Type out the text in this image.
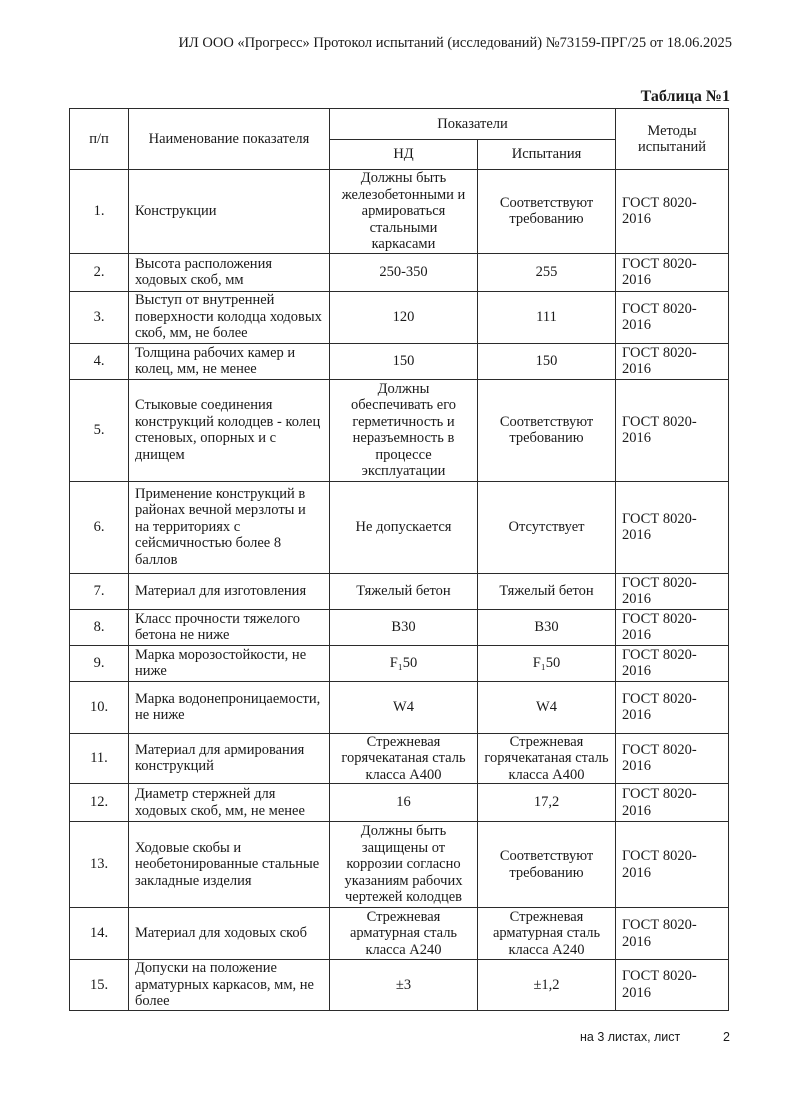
ИЛ ООО «Прогресс» Протокол испытаний (исследований) №73159-ПРГ/25 от 18.06.2025
Таблица №1
п/п	Наименование показателя	Показатели		Методы испытаний
		НД	Испытания	
1.	Конструкции	Должны быть железобетонными и армироваться стальными каркасами	Соответствуют требованию	ГОСТ 8020-2016
2.	Высота расположения ходовых скоб, мм	250-350	255	ГОСТ 8020-2016
3.	Выступ от внутренней поверхности колодца ходовых скоб, мм, не более	120	111	ГОСТ 8020-2016
4.	Толщина рабочих камер и колец, мм, не менее	150	150	ГОСТ 8020-2016
5.	Стыковые соединения конструкций колодцев - колец стеновых, опорных и с днищем	Должны обеспечивать его герметичность и неразъемность в процессе эксплуатации	Соответствуют требованию	ГОСТ 8020-2016
6.	Применение конструкций в районах вечной мерзлоты и на территориях с сейсмичностью более 8 баллов	Не допускается	Отсутствует	ГОСТ 8020-2016
7.	Материал для изготовления	Тяжелый бетон	Тяжелый бетон	ГОСТ 8020-2016
8.	Класс прочности тяжелого бетона не ниже	В30	В30	ГОСТ 8020-2016
9.	Марка морозостойкости, не ниже	F₁50	F₁50	ГОСТ 8020-2016
10.	Марка водонепроницаемости, не ниже	W4	W4	ГОСТ 8020-2016
11.	Материал для армирования конструкций	Стрежневая горячекатаная сталь класса А400	Стрежневая горячекатаная сталь класса А400	ГОСТ 8020-2016
12.	Диаметр стержней для ходовых скоб, мм, не менее	16	17,2	ГОСТ 8020-2016
13.	Ходовые скобы и необетонированные стальные закладные изделия	Должны быть защищены от коррозии согласно указаниям рабочих чертежей колодцев	Соответствуют требованию	ГОСТ 8020-2016
14.	Материал для ходовых скоб	Стрежневая арматурная сталь класса А240	Стрежневая арматурная сталь класса А240	ГОСТ 8020-2016
15.	Допуски на положение арматурных каркасов, мм, не более	±3	±1,2	ГОСТ 8020-2016
на 3 листах, лист	2
